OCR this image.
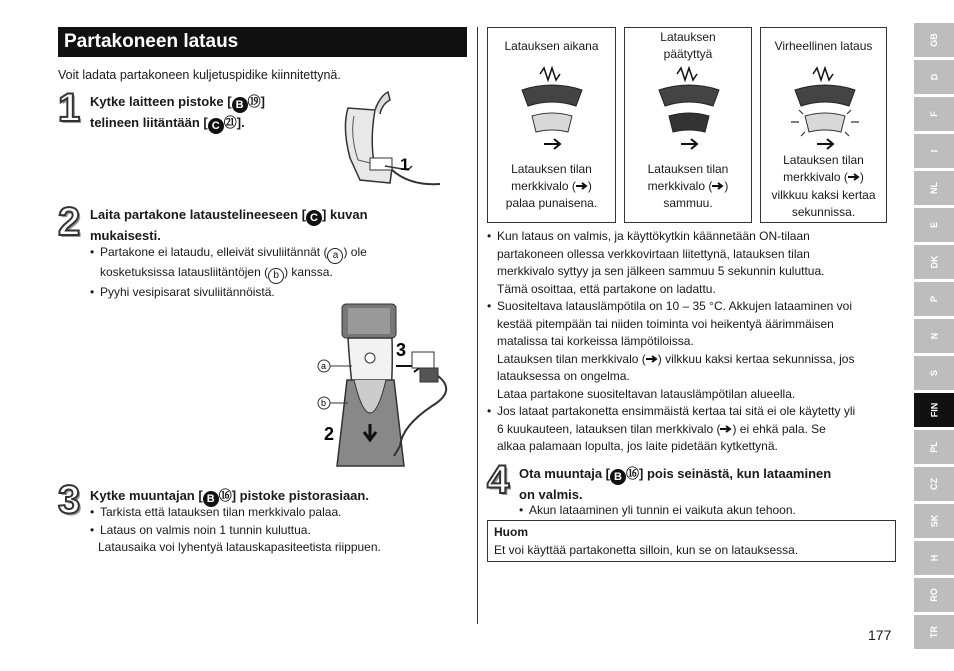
Partakoneen lataus
Voit ladata partakoneen kuljetuspidike kiinnitettynä.
1 Kytke laitteen pistoke [ B ⑲]
telineen liitäntään [ C ㉑].
1
2 Laita partakone lataustelineeseen [ C ] kuvan
mukaisesti.
• Partakone ei lataudu, elleivät sivuliitännät ( a ) ole
kosketuksissa latausliitäntöjen ( b ) kanssa.
• Pyyhi vesipisarat sivuliitännöistä.
a
b
2
3
3 Kytke muuntajan [ B ⑯] pistoke pistorasiaan.
• Tarkista että latauksen tilan merkkivalo palaa.
• Lataus on valmis noin 1 tunnin kuluttua.
Latausaika voi lyhentyä latauskapasiteetista riippuen.
Latauksen aikana
Latauksen tilan
merkkivalo ( )
palaa punaisena.
Latauksen
päätyttyä
Latauksen tilan
merkkivalo ( )
sammuu.
Virheellinen lataus
Latauksen tilan
merkkivalo ( )
vilkkuu kaksi kertaa
sekunnissa.
• Kun lataus on valmis, ja käyttökytkin käännetään ON-tilaan
partakoneen ollessa verkkovirtaan liitettynä, latauksen tilan
merkkivalo syttyy ja sen jälkeen sammuu 5 sekunnin kuluttua.
Tämä osoittaa, että partakone on ladattu.
• Suositeltava latauslämpötila on 10 – 35 °C. Akkujen lataaminen voi
kestää pitempään tai niiden toiminta voi heikentyä äärimmäisen
matalissa tai korkeissa lämpötiloissa.
Latauksen tilan merkkivalo ( ) vilkkuu kaksi kertaa sekunnissa, jos
latauksessa on ongelma.
Lataa partakone suositeltavan latauslämpötilan alueella.
• Jos lataat partakonetta ensimmäistä kertaa tai sitä ei ole käytetty yli
6 kuukauteen, latauksen tilan merkkivalo ( ) ei ehkä pala. Se
alkaa palamaan lopulta, jos laite pidetään kytkettynä.
4 Ota muuntaja [ B ⑯] pois seinästä, kun lataaminen
on valmis.
• Akun lataaminen yli tunnin ei vaikuta akun tehoon.
Huom
Et voi käyttää partakonetta silloin, kun se on latauksessa.
GB
D
F
I
NL
E
DK
P
N
S
FIN
PL
CZ
SK
H
RO
TR
177
